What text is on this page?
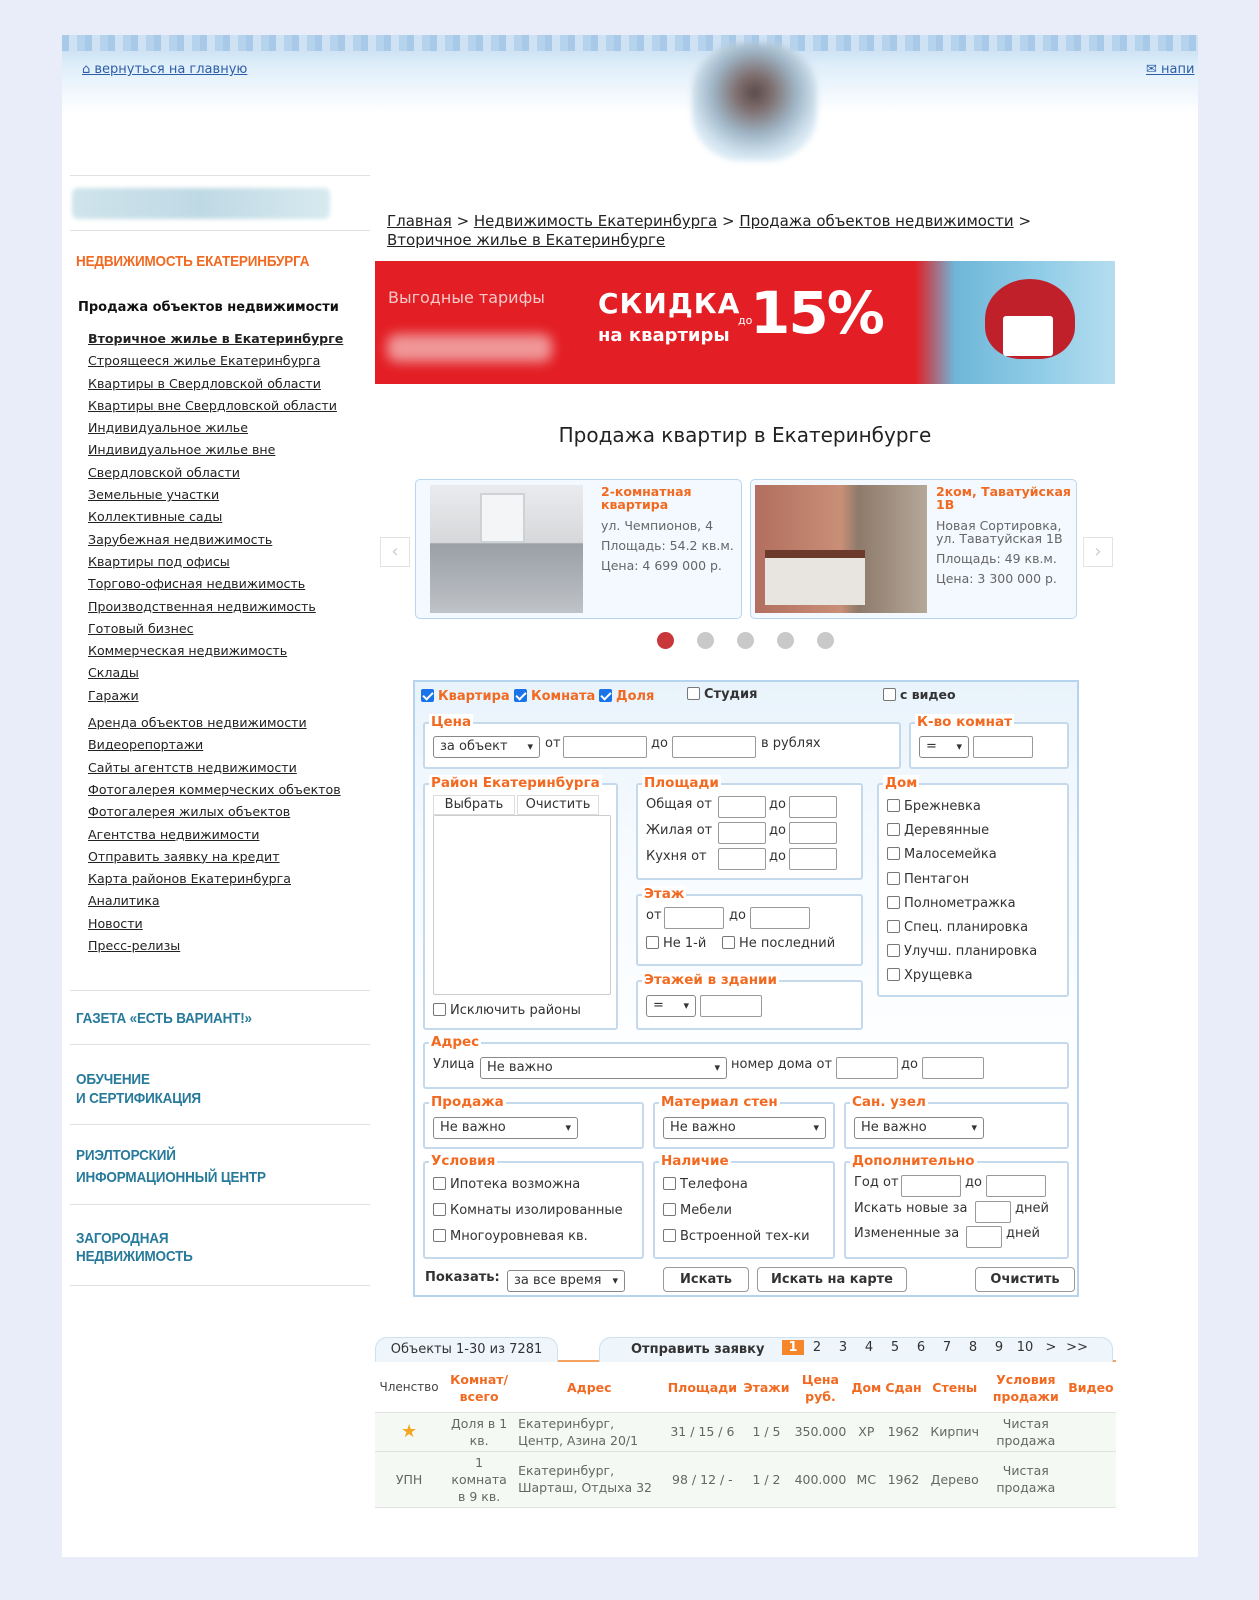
⌂ вернуться на главную	✉ напи
НЕДВИЖИМОСТЬ ЕКАТЕРИНБУРГА
Продажа объектов недвижимости
Вторичное жилье в Екатеринбурге
Строящееся жилье Екатеринбурга
Квартиры в Свердловской области
Квартиры вне Свердловской области
Индивидуальное жилье
Индивидуальное жилье вне Свердловской области
Земельные участки
Коллективные сады
Зарубежная недвижимость
Квартиры под офисы
Торгово-офисная недвижимость
Производственная недвижимость
Готовый бизнес
Коммерческая недвижимость
Склады
Гаражи
Аренда объектов недвижимости
Видеорепортажи
Сайты агентств недвижимости
Фотогалерея коммерческих объектов
Фотогалерея жилых объектов
Агентства недвижимости
Отправить заявку на кредит
Карта районов Екатеринбурга
Аналитика
Новости
Пресс-релизы
ГАЗЕТА «ЕСТЬ ВАРИАНТ!»
ОБУЧЕНИЕ
И СЕРТИФИКАЦИЯ
РИЭЛТОРСКИЙ
ИНФОРМАЦИОННЫЙ ЦЕНТР
ЗАГОРОДНАЯ
НЕДВИЖИМОСТЬ
Главная > Недвижимость Екатеринбурга > Продажа объектов недвижимости > Вторичное жилье в Екатеринбурге
Выгодные тарифы СКИДКА
на квартиры
до
15%
Продажа квартир в Екатеринбурге
‹
2-комнатная квартира
ул. Чемпионов, 4
Площадь: 54.2 кв.м.
Цена: 4 699 000 р.
2ком, Таватуйская 1В
Новая Сортировка, ул. Таватуйская 1В
Площадь: 49 кв.м.
Цена: 3 300 000 р.
›
Квартира	Комната	Доля	Студия	с видео
Цена
за объект ▾ от	до	в рублях
К-во комнат
= ▾
Район Екатеринбурга
Выбрать	Очистить
Исключить районы
Площади
Общая от	до
Жилая от	до
Кухня от	до
Этаж
от	до
Не 1-й	Не последний
Этажей в здании
= ▾
Дом
Брежневка
Деревянные
Малосемейка
Пентагон
Полнометражка
Спец. планировка
Улучш. планировка
Хрущевка
Адрес
Улица Не важно	▾ номер дома от	до
Продажа
Не важно	▾
Материал стен
Не важно	▾
Сан. узел
Не важно	▾
Условия
Ипотека возможна
Комнаты изолированные
Многоуровневая кв.
Наличие
Телефона
Мебели
Встроенной тех-ки
Дополнительно
Год от	до
Искать новые за	дней
Измененные за	дней
Показать:	за все время ▾	Искать	Искать на карте	Очистить
Объекты 1-30 из 7281	Отправить заявку	1 2 3 4 5 6 7 8 9 10 > >>
Членство	Комнат/ всего	Адрес	Площади	Этажи	Цена руб.	Дом	Сдан	Стены	Условия продажи	Видео
★	Доля в 1 кв.	Екатеринбург, Центр, Азина 20/1	31 / 15 / 6	1 / 5	350.000	ХР	1962	Кирпич	Чистая продажа	
УПН	1 комната в 9 кв.	Екатеринбург, Шарташ, Отдыха 32	98 / 12 / -	1 / 2	400.000	МС	1962	Дерево	Чистая продажа	
